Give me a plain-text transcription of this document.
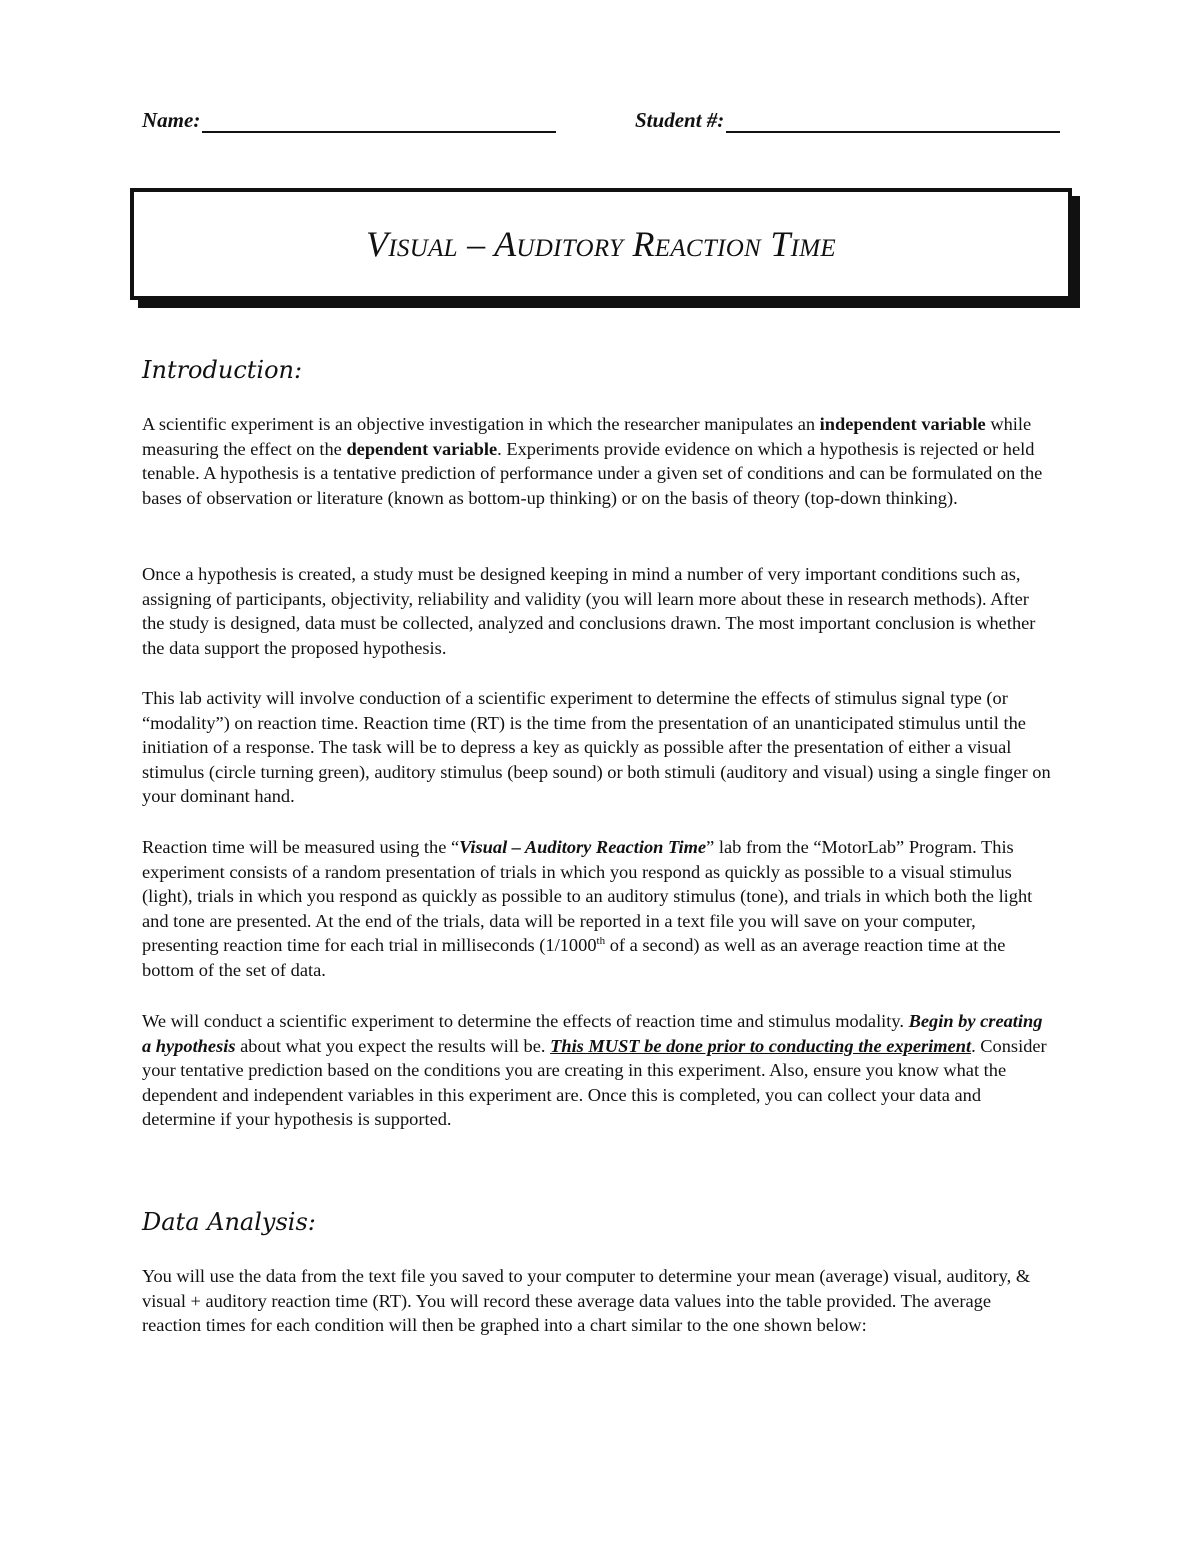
Name:	Student #:
Visual – Auditory Reaction Time
Introduction:

A scientific experiment is an objective investigation in which the researcher manipulates an independent variable while measuring the effect on the dependent variable. Experiments provide evidence on which a hypothesis is rejected or held tenable. A hypothesis is a tentative prediction of performance under a given set of conditions and can be formulated on the bases of observation or literature (known as bottom-up thinking) or on the basis of theory (top-down thinking).

Once a hypothesis is created, a study must be designed keeping in mind a number of very important conditions such as, assigning of participants, objectivity, reliability and validity (you will learn more about these in research methods). After the study is designed, data must be collected, analyzed and conclusions drawn. The most important conclusion is whether the data support the proposed hypothesis.

This lab activity will involve conduction of a scientific experiment to determine the effects of stimulus signal type (or “modality”) on reaction time. Reaction time (RT) is the time from the presentation of an unanticipated stimulus until the initiation of a response. The task will be to depress a key as quickly as possible after the presentation of either a visual stimulus (circle turning green), auditory stimulus (beep sound) or both stimuli (auditory and visual) using a single finger on your dominant hand.

Reaction time will be measured using the “Visual – Auditory Reaction Time” lab from the “MotorLab” Program. This experiment consists of a random presentation of trials in which you respond as quickly as possible to a visual stimulus (light), trials in which you respond as quickly as possible to an auditory stimulus (tone), and trials in which both the light and tone are presented. At the end of the trials, data will be reported in a text file you will save on your computer, presenting reaction time for each trial in milliseconds (1/1000th of a second) as well as an average reaction time at the bottom of the set of data.

We will conduct a scientific experiment to determine the effects of reaction time and stimulus modality. Begin by creating a hypothesis about what you expect the results will be. This MUST be done prior to conducting the experiment. Consider your tentative prediction based on the conditions you are creating in this experiment. Also, ensure you know what the dependent and independent variables in this experiment are. Once this is completed, you can collect your data and determine if your hypothesis is supported.

Data Analysis:

You will use the data from the text file you saved to your computer to determine your mean (average) visual, auditory, & visual + auditory reaction time (RT). You will record these average data values into the table provided. The average reaction times for each condition will then be graphed into a chart similar to the one shown below:
